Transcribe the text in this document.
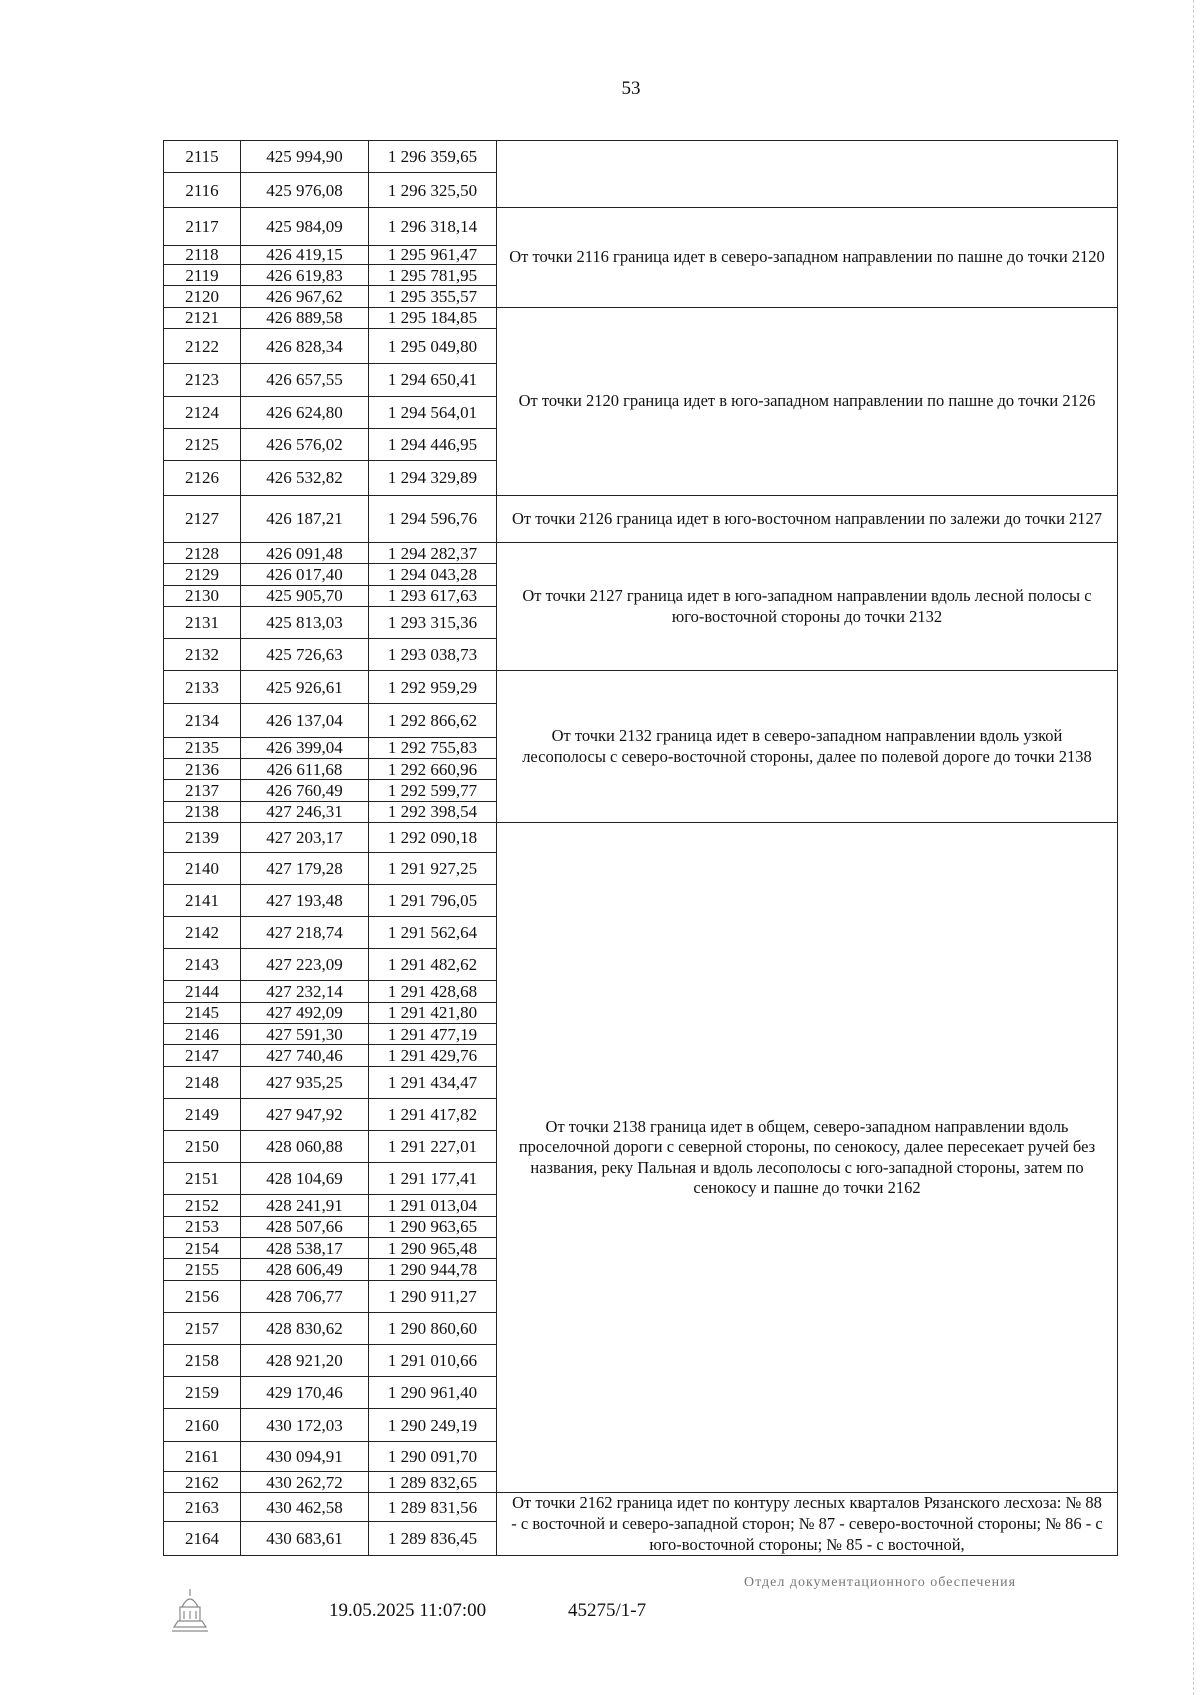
53
2115	425 994,90	1 296 359,65	
2116	425 976,08	1 296 325,50	
2117	425 984,09	1 296 318,14	От точки 2116 граница идет в северо-западном направлении по пашне до точки 2120
2118	426 419,15	1 295 961,47	
2119	426 619,83	1 295 781,95	
2120	426 967,62	1 295 355,57	
2121	426 889,58	1 295 184,85	От точки 2120 граница идет в юго-западном направлении по пашне до точки 2126
2122	426 828,34	1 295 049,80	
2123	426 657,55	1 294 650,41	
2124	426 624,80	1 294 564,01	
2125	426 576,02	1 294 446,95	
2126	426 532,82	1 294 329,89	
2127	426 187,21	1 294 596,76	От точки 2126 граница идет в юго-восточном направлении по залежи до точки 2127
2128	426 091,48	1 294 282,37	От точки 2127 граница идет в юго-западном направлении вдоль лесной полосы с юго-восточной стороны до точки 2132
2129	426 017,40	1 294 043,28	
2130	425 905,70	1 293 617,63	
2131	425 813,03	1 293 315,36	
2132	425 726,63	1 293 038,73	
2133	425 926,61	1 292 959,29	От точки 2132 граница идет в северо-западном направлении вдоль узкой лесополосы с северо-восточной стороны, далее по полевой дороге до точки 2138
2134	426 137,04	1 292 866,62	
2135	426 399,04	1 292 755,83	
2136	426 611,68	1 292 660,96	
2137	426 760,49	1 292 599,77	
2138	427 246,31	1 292 398,54	
2139	427 203,17	1 292 090,18	От точки 2138 граница идет в общем, северо-западном направлении вдоль проселочной дороги с северной стороны, по сенокосу, далее пересекает ручей без названия, реку Пальная и вдоль лесополосы с юго-западной стороны, затем по сенокосу и пашне до точки 2162
2140	427 179,28	1 291 927,25	
2141	427 193,48	1 291 796,05	
2142	427 218,74	1 291 562,64	
2143	427 223,09	1 291 482,62	
2144	427 232,14	1 291 428,68	
2145	427 492,09	1 291 421,80	
2146	427 591,30	1 291 477,19	
2147	427 740,46	1 291 429,76	
2148	427 935,25	1 291 434,47	
2149	427 947,92	1 291 417,82	
2150	428 060,88	1 291 227,01	
2151	428 104,69	1 291 177,41	
2152	428 241,91	1 291 013,04	
2153	428 507,66	1 290 963,65	
2154	428 538,17	1 290 965,48	
2155	428 606,49	1 290 944,78	
2156	428 706,77	1 290 911,27	
2157	428 830,62	1 290 860,60	
2158	428 921,20	1 291 010,66	
2159	429 170,46	1 290 961,40	
2160	430 172,03	1 290 249,19	
2161	430 094,91	1 290 091,70	
2162	430 262,72	1 289 832,65	
2163	430 462,58	1 289 831,56	От точки 2162 граница идет по контуру лесных кварталов Рязанского лесхоза: № 88 - с восточной и северо-западной сторон; № 87 - северо-восточной стороны; № 86 - с юго-восточной стороны; № 85 - с восточной,
2164	430 683,61	1 289 836,45	
19.05.2025 11:07:00	45275/1-7
Отдел документационного обеспечения
